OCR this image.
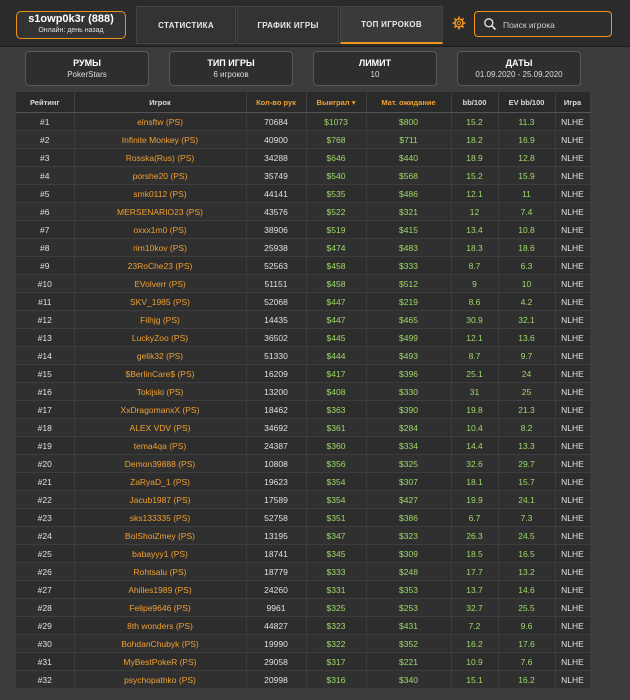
s1owp0k3r (888)
Онлайн: день назад
СТАТИСТИКА	ГРАФИК ИГРЫ	ТОП ИГРОКОВ
Поиск игрока
РУМЫ
PokerStars
ТИП ИГРЫ
6 игроков
ЛИМИТ
10
ДАТЫ
01.09.2020 - 25.09.2020
Рейтинг	Игрок	Кол-во рук	Выиграл ▾	Мат. ожидание	bb/100	EV bb/100	Игра
#1	elnsftw (PS)	70684	$1073	$800	15.2	11.3	NLHE
#2	Infinite Monkey (PS)	40900	$768	$711	18.2	16.9	NLHE
#3	Rosska(Rus) (PS)	34288	$646	$440	18.9	12.8	NLHE
#4	porshe20 (PS)	35749	$540	$568	15.2	15.9	NLHE
#5	smk0112 (PS)	44141	$535	$486	12.1	11	NLHE
#6	MERSENARIO23 (PS)	43576	$522	$321	12	7.4	NLHE
#7	oxxx1m0 (PS)	38906	$519	$415	13.4	10.8	NLHE
#8	rim10kov (PS)	25938	$474	$483	18.3	18.6	NLHE
#9	23RoChe23 (PS)	52563	$458	$333	8.7	6.3	NLHE
#10	EVolverr (PS)	51151	$458	$512	9	10	NLHE
#11	SKV_1985 (PS)	52068	$447	$219	8.6	4.2	NLHE
#12	Filhjg (PS)	14435	$447	$465	30.9	32.1	NLHE
#13	LuckyZoo (PS)	36502	$445	$499	12.1	13.6	NLHE
#14	gelik32 (PS)	51330	$444	$493	8.7	9.7	NLHE
#15	$BerlinCare$ (PS)	16209	$417	$396	25.1	24	NLHE
#16	Tokijski (PS)	13200	$408	$330	31	25	NLHE
#17	XxDragomanxX (PS)	18462	$363	$390	19.8	21.3	NLHE
#18	ALEX VDV (PS)	34692	$361	$284	10.4	8.2	NLHE
#19	tema4qa (PS)	24387	$360	$334	14.4	13.3	NLHE
#20	Demon39888 (PS)	10808	$356	$325	32.6	29.7	NLHE
#21	ZaRyaD_1 (PS)	19623	$354	$307	18.1	15.7	NLHE
#22	Jacub1987 (PS)	17589	$354	$427	19.9	24.1	NLHE
#23	sks133335 (PS)	52758	$351	$386	6.7	7.3	NLHE
#24	BolShoiZmey (PS)	13195	$347	$323	26.3	24.5	NLHE
#25	babayyy1 (PS)	18741	$345	$309	18.5	16.5	NLHE
#26	Rohtsalu (PS)	18779	$333	$248	17.7	13.2	NLHE
#27	Ahilles1989 (PS)	24260	$331	$353	13.7	14.6	NLHE
#28	Felipe9646 (PS)	9961	$325	$253	32.7	25.5	NLHE
#29	8th wonders (PS)	44827	$323	$431	7.2	9.6	NLHE
#30	BohdanChubyk (PS)	19990	$322	$352	16.2	17.6	NLHE
#31	MyBestPokeR (PS)	29058	$317	$221	10.9	7.6	NLHE
#32	psychopathko (PS)	20998	$316	$340	15.1	16.2	NLHE
